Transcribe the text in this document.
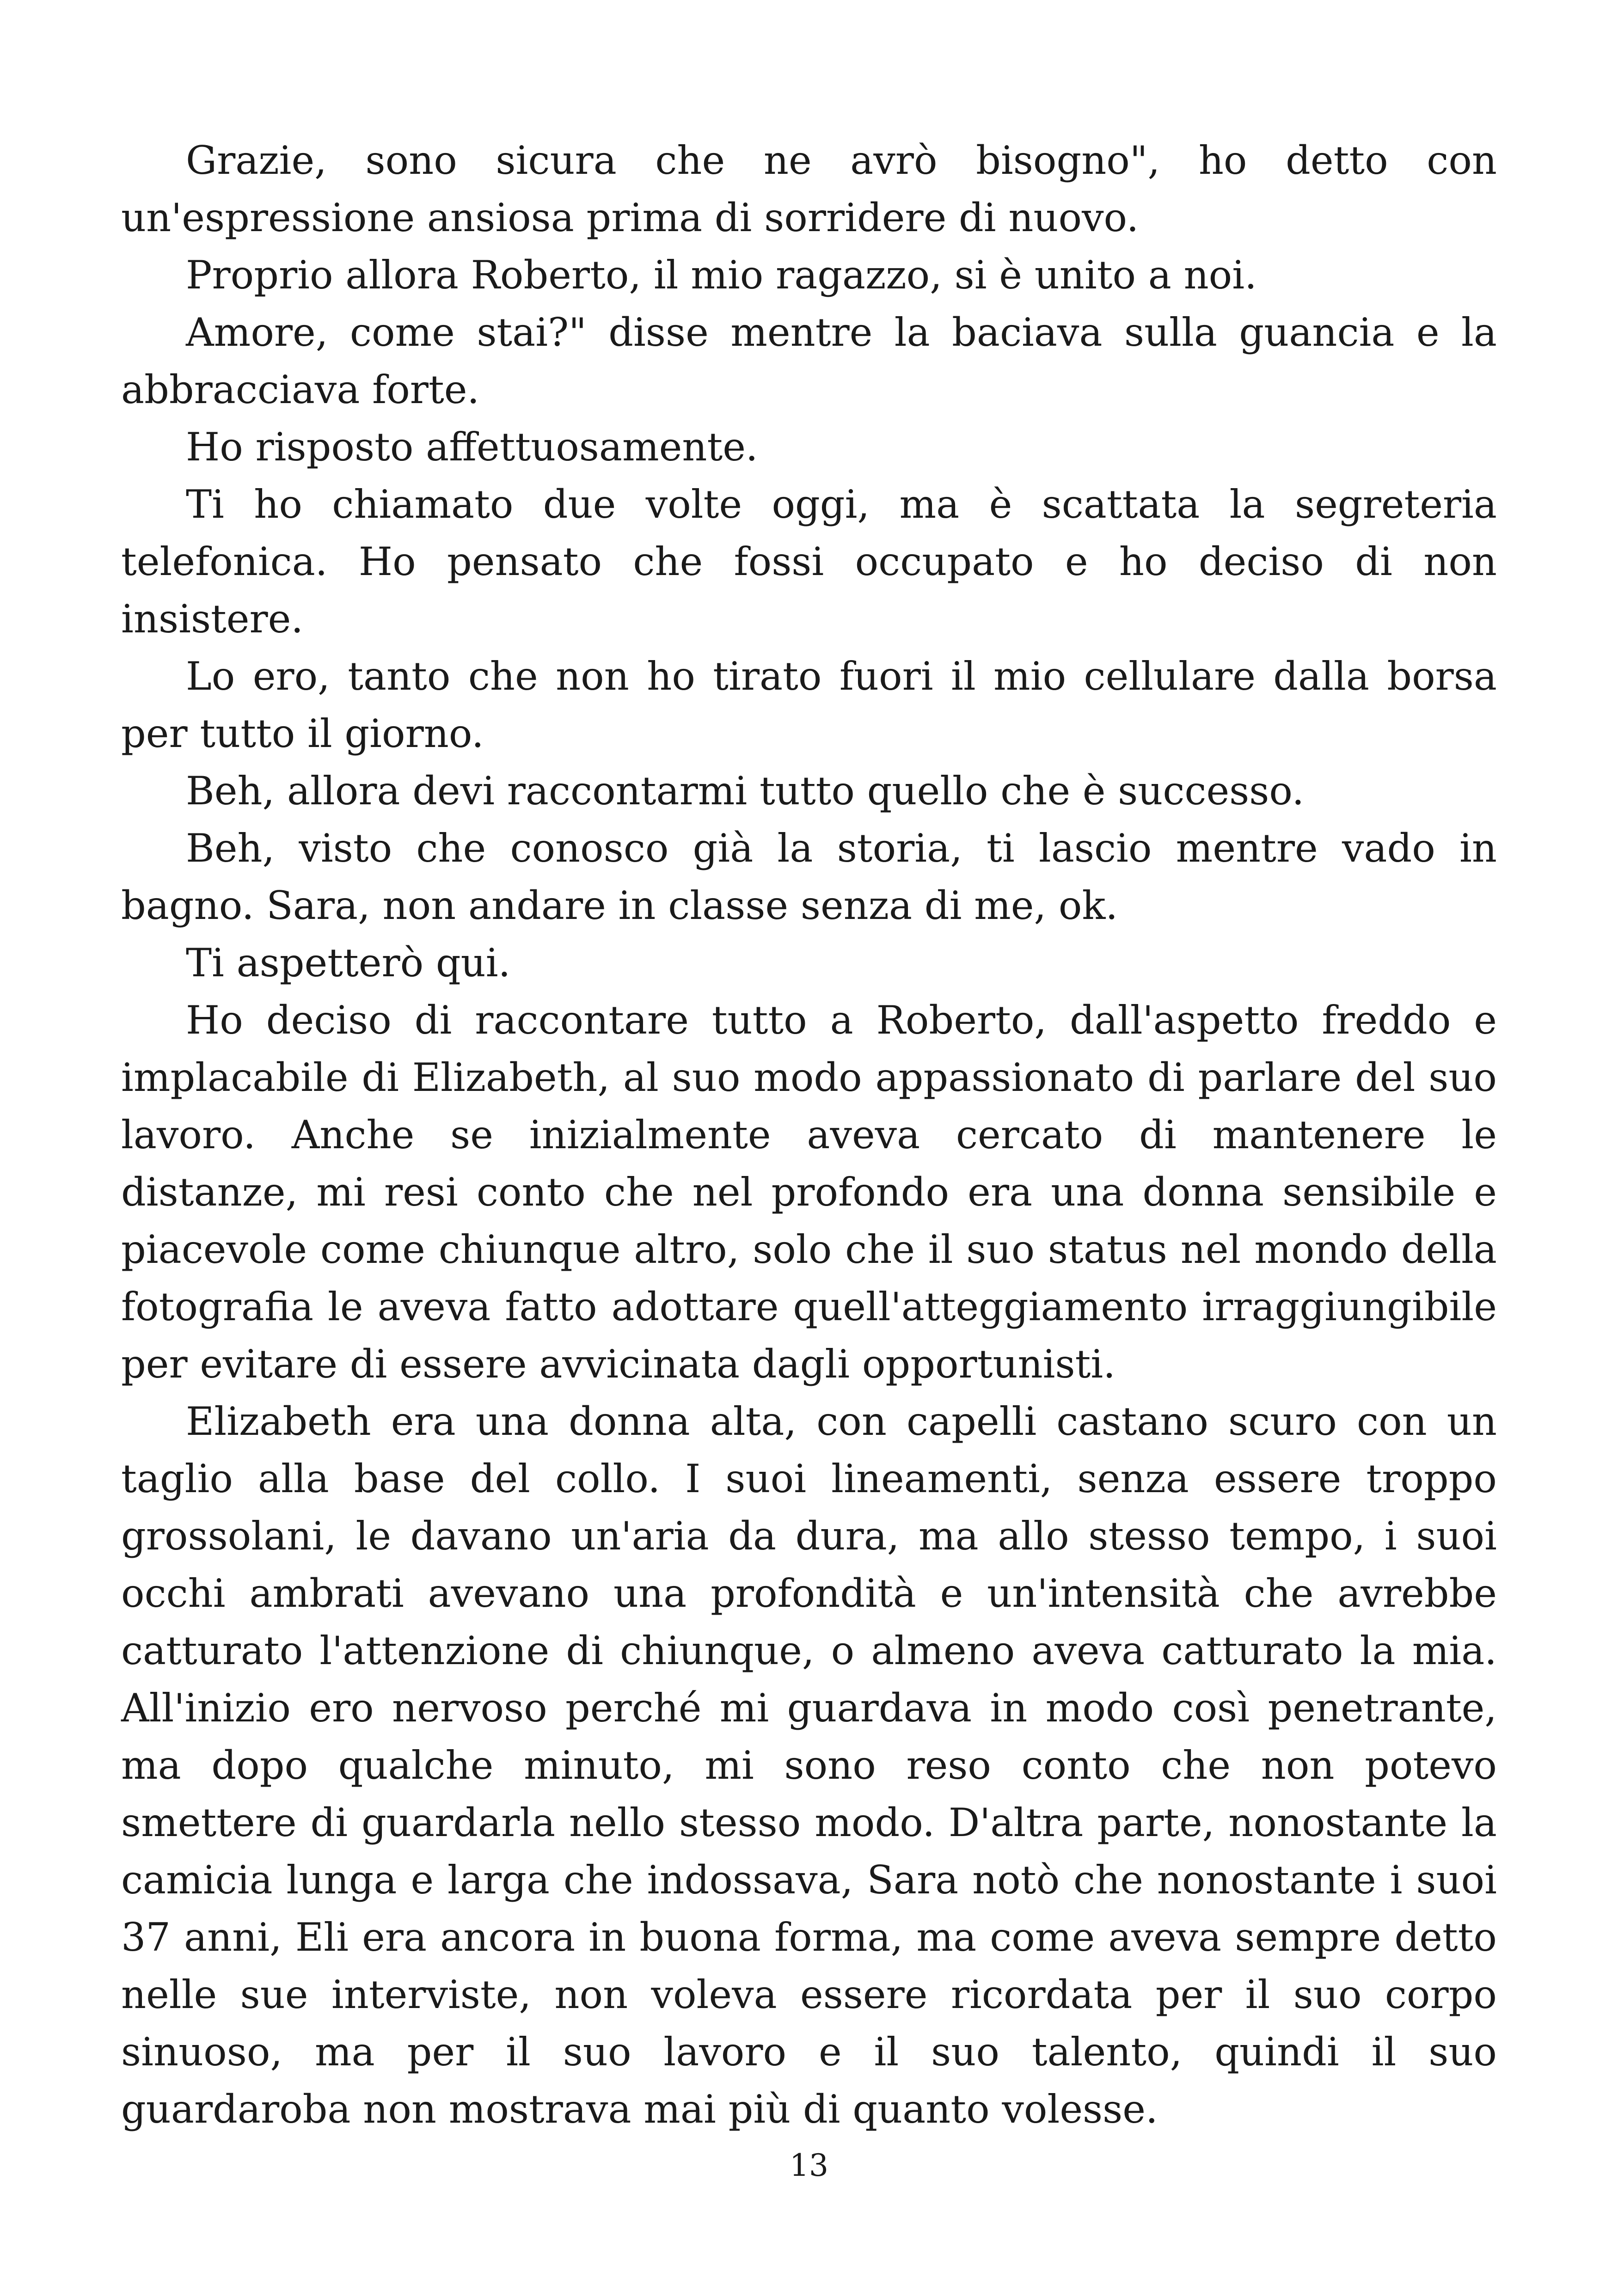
Grazie, sono sicura che ne avrò bisogno", ho detto con un'espressione ansiosa prima di sorridere di nuovo.

Proprio allora Roberto, il mio ragazzo, si è unito a noi.

Amore, come stai?" disse mentre la baciava sulla guancia e la abbracciava forte.

Ho risposto affettuosamente.

Ti ho chiamato due volte oggi, ma è scattata la segreteria telefonica. Ho pensato che fossi occupato e ho deciso di non insistere.

Lo ero, tanto che non ho tirato fuori il mio cellulare dalla borsa per tutto il giorno.

Beh, allora devi raccontarmi tutto quello che è successo.

Beh, visto che conosco già la storia, ti lascio mentre vado in bagno. Sara, non andare in classe senza di me, ok.

Ti aspetterò qui.

Ho deciso di raccontare tutto a Roberto, dall'aspetto freddo e implacabile di Elizabeth, al suo modo appassionato di parlare del suo lavoro. Anche se inizialmente aveva cercato di mantenere le distanze, mi resi conto che nel profondo era una donna sensibile e piacevole come chiunque altro, solo che il suo status nel mondo della fotografia le aveva fatto adottare quell'atteggiamento irraggiungibile per evitare di essere avvicinata dagli opportunisti.

Elizabeth era una donna alta, con capelli castano scuro con un taglio alla base del collo. I suoi lineamenti, senza essere troppo grossolani, le davano un'aria da dura, ma allo stesso tempo, i suoi occhi ambrati avevano una profondità e un'intensità che avrebbe catturato l'attenzione di chiunque, o almeno aveva catturato la mia. All'inizio ero nervoso perché mi guardava in modo così penetrante, ma dopo qualche minuto, mi sono reso conto che non potevo smettere di guardarla nello stesso modo. D'altra parte, nonostante la camicia lunga e larga che indossava, Sara notò che nonostante i suoi 37 anni, Eli era ancora in buona forma, ma come aveva sempre detto nelle sue interviste, non voleva essere ricordata per il suo corpo sinuoso, ma per il suo lavoro e il suo talento, quindi il suo guardaroba non mostrava mai più di quanto volesse.

13
